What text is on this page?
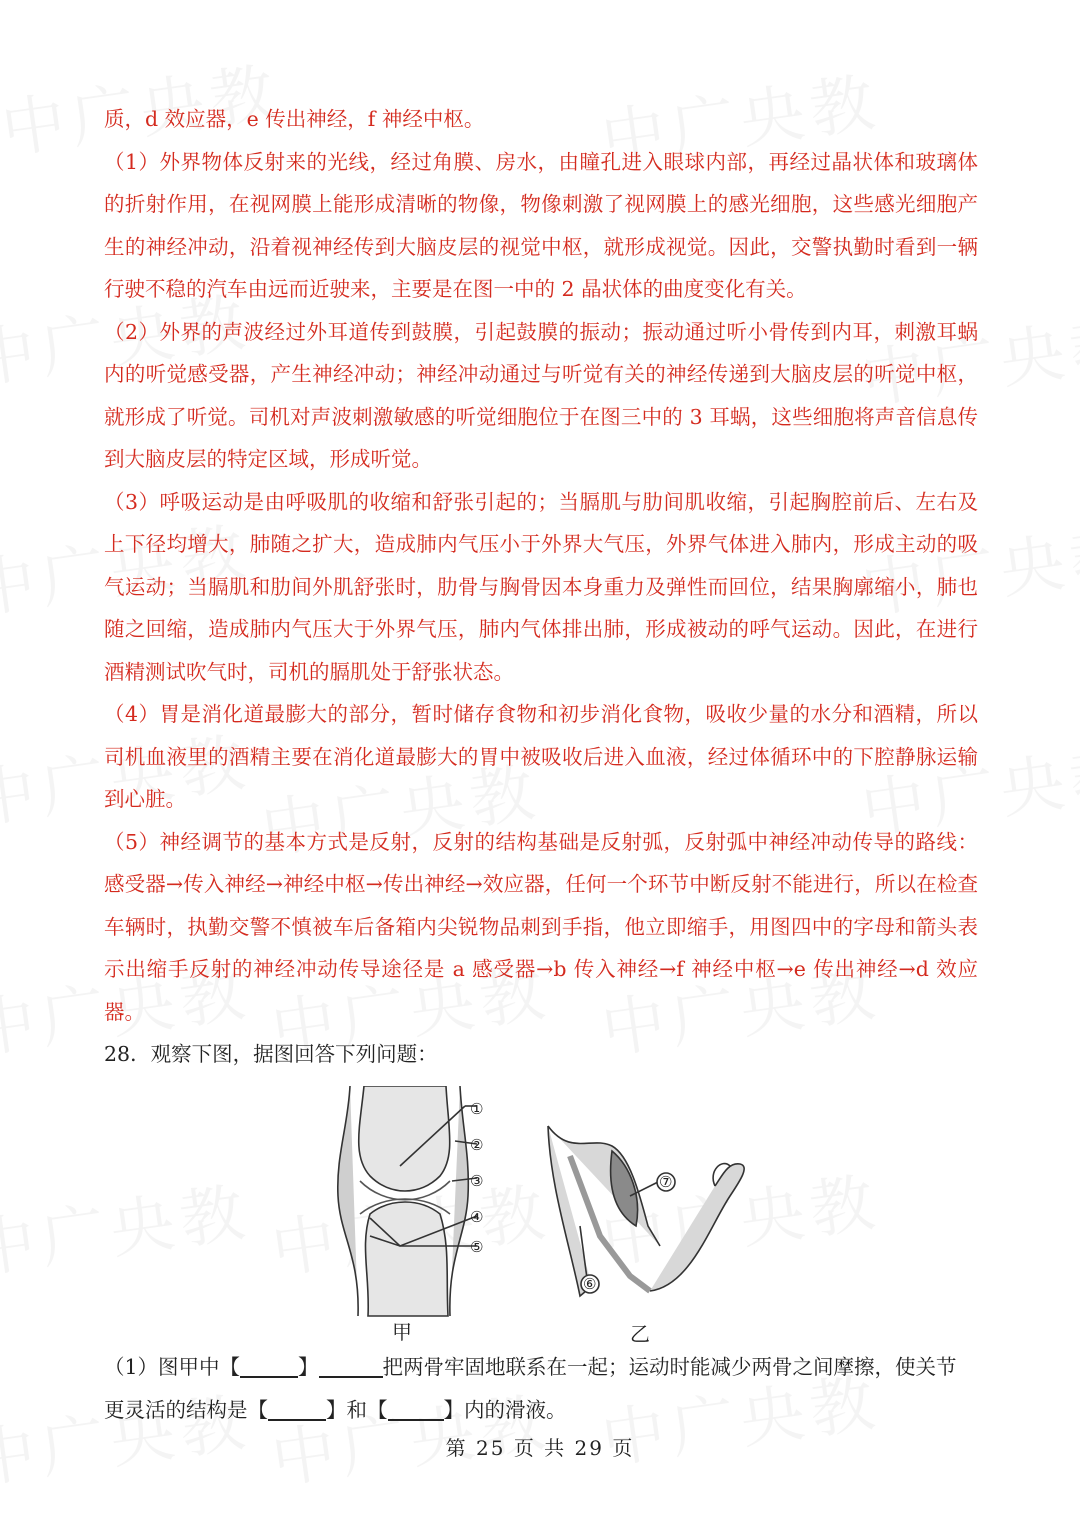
质，d 效应器，e 传出神经，f 神经中枢。

（1）外界物体反射来的光线，经过角膜、房水，由瞳孔进入眼球内部，再经过晶状体和玻璃体的折射作用，在视网膜上能形成清晰的物像，物像刺激了视网膜上的感光细胞，这些感光细胞产生的神经冲动，沿着视神经传到大脑皮层的视觉中枢，就形成视觉。因此，交警执勤时看到一辆行驶不稳的汽车由远而近驶来，主要是在图一中的 2 晶状体的曲度变化有关。

（2）外界的声波经过外耳道传到鼓膜，引起鼓膜的振动；振动通过听小骨传到内耳，刺激耳蜗内的听觉感受器，产生神经冲动；神经冲动通过与听觉有关的神经传递到大脑皮层的听觉中枢，就形成了听觉。司机对声波刺激敏感的听觉细胞位于在图三中的 3 耳蜗，这些细胞将声音信息传到大脑皮层的特定区域，形成听觉。

（3）呼吸运动是由呼吸肌的收缩和舒张引起的；当膈肌与肋间肌收缩，引起胸腔前后、左右及上下径均增大，肺随之扩大，造成肺内气压小于外界大气压，外界气体进入肺内，形成主动的吸气运动；当膈肌和肋间外肌舒张时，肋骨与胸骨因本身重力及弹性而回位，结果胸廓缩小，肺也随之回缩，造成肺内气压大于外界气压，肺内气体排出肺，形成被动的呼气运动。因此，在进行酒精测试吹气时，司机的膈肌处于舒张状态。

（4）胃是消化道最膨大的部分，暂时储存食物和初步消化食物，吸收少量的水分和酒精，所以司机血液里的酒精主要在消化道最膨大的胃中被吸收后进入血液，经过体循环中的下腔静脉运输到心脏。

（5）神经调节的基本方式是反射，反射的结构基础是反射弧，反射弧中神经冲动传导的路线：感受器→传入神经→神经中枢→传出神经→效应器，任何一个环节中断反射不能进行，所以在检查车辆时，执勤交警不慎被车后备箱内尖锐物品刺到手指，他立即缩手，用图四中的字母和箭头表示出缩手反射的神经冲动传导途径是 a 感受器→b 传入神经→f 神经中枢→e 传出神经→d 效应器。

28．观察下图，据图回答下列问题：

①
②
③
④
⑤
⑥
⑦
甲	乙
（1）图甲中【	】	把两骨牢固地联系在一起；运动时能减少两骨之间摩擦，使关节
更灵活的结构是【	】和【	】内的滑液。
第 25 页 共 29 页
